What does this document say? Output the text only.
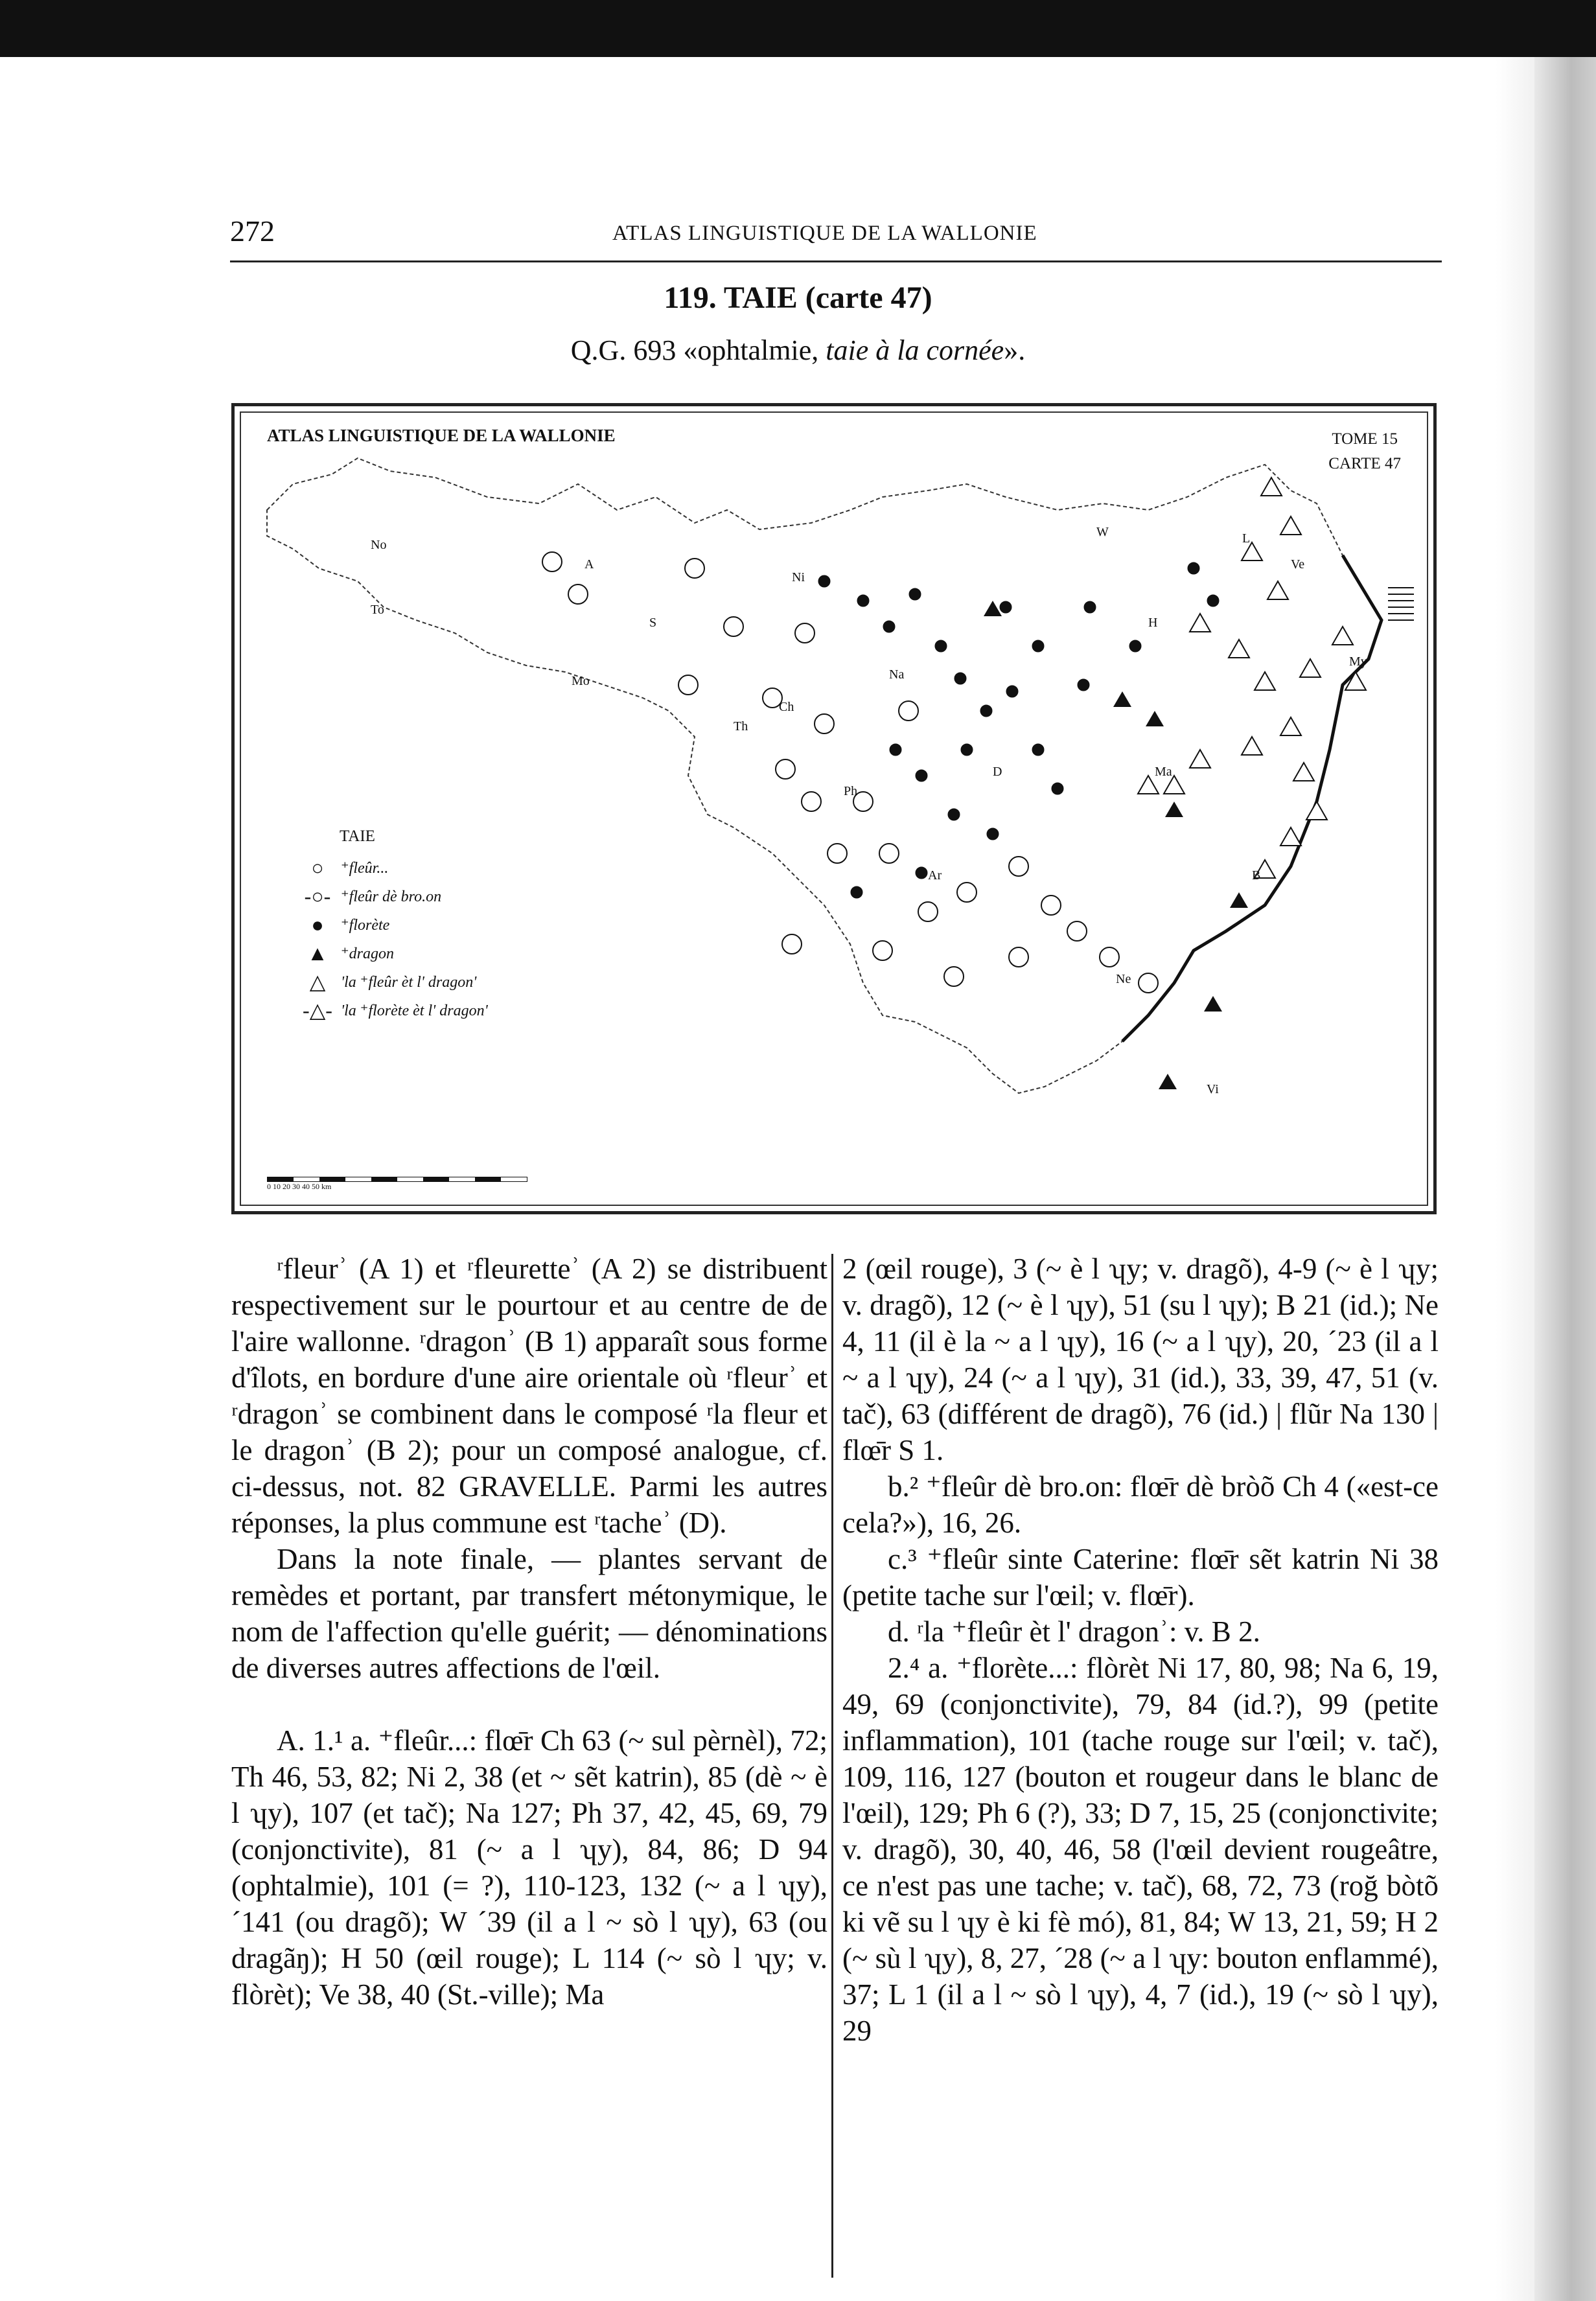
272	ATLAS LINGUISTIQUE DE LA WALLONIE
119. TAIE (carte 47)
Q.G. 693 «ophtalmie, taie à la cornée».
ATLAS LINGUISTIQUE DE LA WALLONIE	TOME 15
CARTE 47
No
To
A
Mo
S
Ni
Na
Ch
Th
Ph
D
W
H
L
Ve
My
Ma
B
Ar
Ne
Vi
TAIE
○	⁺fleûr...
-○- ⁺fleûr dè bro.on
●	⁺florète
▲ ⁺dragon
△ 'la ⁺fleûr èt l' dragon'
-△- 'la ⁺florète èt l' dragon'
0 10 20 30 40 50 km

ʳfleurʾ (A 1) et ʳfleuretteʾ (A 2) se distribuent respectivement sur le pourtour et au centre de de l'aire wallonne. ʳdragonʾ (B 1) apparaît sous forme d'îlots, en bordure d'une aire orientale où ʳfleurʾ et ʳdragonʾ se combinent dans le composé ʳla fleur et le dragonʾ (B 2); pour un composé analogue, cf. ci-dessus, not. 82 GRAVELLE. Parmi les autres réponses, la plus commune est ʳtacheʾ (D).

Dans la note finale, — plantes servant de remèdes et portant, par transfert métonymique, le nom de l'affection qu'elle guérit; — dénominations de diverses autres affections de l'œil.

A. 1.¹ a. ⁺fleûr...: flœ̄r Ch 63 (~ sul pèrnèl), 72; Th 46, 53, 82; Ni 2, 38 (et ~ sẽt katrin), 85 (dè ~ è l ʮy), 107 (et tač); Na 127; Ph 37, 42, 45, 69, 79 (conjonctivite), 81 (~ a l ʮy), 84, 86; D 94 (ophtalmie), 101 (= ?), 110-123, 132 (~ a l ʮy), ´141 (ou dragõ); W ´39 (il a l ~ sò l ʮy), 63 (ou dragãŋ); H 50 (œil rouge); L 114 (~ sò l ʮy; v. flòrèt); Ve 38, 40 (St.-ville); Ma

2 (œil rouge), 3 (~ è l ʮy; v. dragõ), 4-9 (~ è l ʮy; v. dragõ), 12 (~ è l ʮy), 51 (su l ʮy); B 21 (id.); Ne 4, 11 (il è la ~ a l ʮy), 16 (~ a l ʮy), 20, ´23 (il a l ~ a l ʮy), 24 (~ a l ʮy), 31 (id.), 33, 39, 47, 51 (v. tač), 63 (différent de dragõ), 76 (id.) | flũr Na 130 | flœ̄r S 1.

b.² ⁺fleûr dè bro.on: flœ̄r dè bròõ Ch 4 («est-ce cela?»), 16, 26.

c.³ ⁺fleûr sinte Caterine: flœ̄r sẽt katrin Ni 38 (petite tache sur l'œil; v. flœ̄r).

d. ʳla ⁺fleûr èt l' dragonʾ: v. B 2.

2.⁴ a. ⁺florète...: flòrèt Ni 17, 80, 98; Na 6, 19, 49, 69 (conjonctivite), 79, 84 (id.?), 99 (petite inflammation), 101 (tache rouge sur l'œil; v. tač), 109, 116, 127 (bouton et rougeur dans le blanc de l'œil), 129; Ph 6 (?), 33; D 7, 15, 25 (conjonctivite; v. dragõ), 30, 40, 46, 58 (l'œil devient rougeâtre, ce n'est pas une tache; v. tač), 68, 72, 73 (roğ bòtõ ki vẽ su l ʮy è ki fè mó), 81, 84; W 13, 21, 59; H 2 (~ sù l ʮy), 8, 27, ´28 (~ a l ʮy: bouton enflammé), 37; L 1 (il a l ~ sò l ʮy), 4, 7 (id.), 19 (~ sò l ʮy), 29
